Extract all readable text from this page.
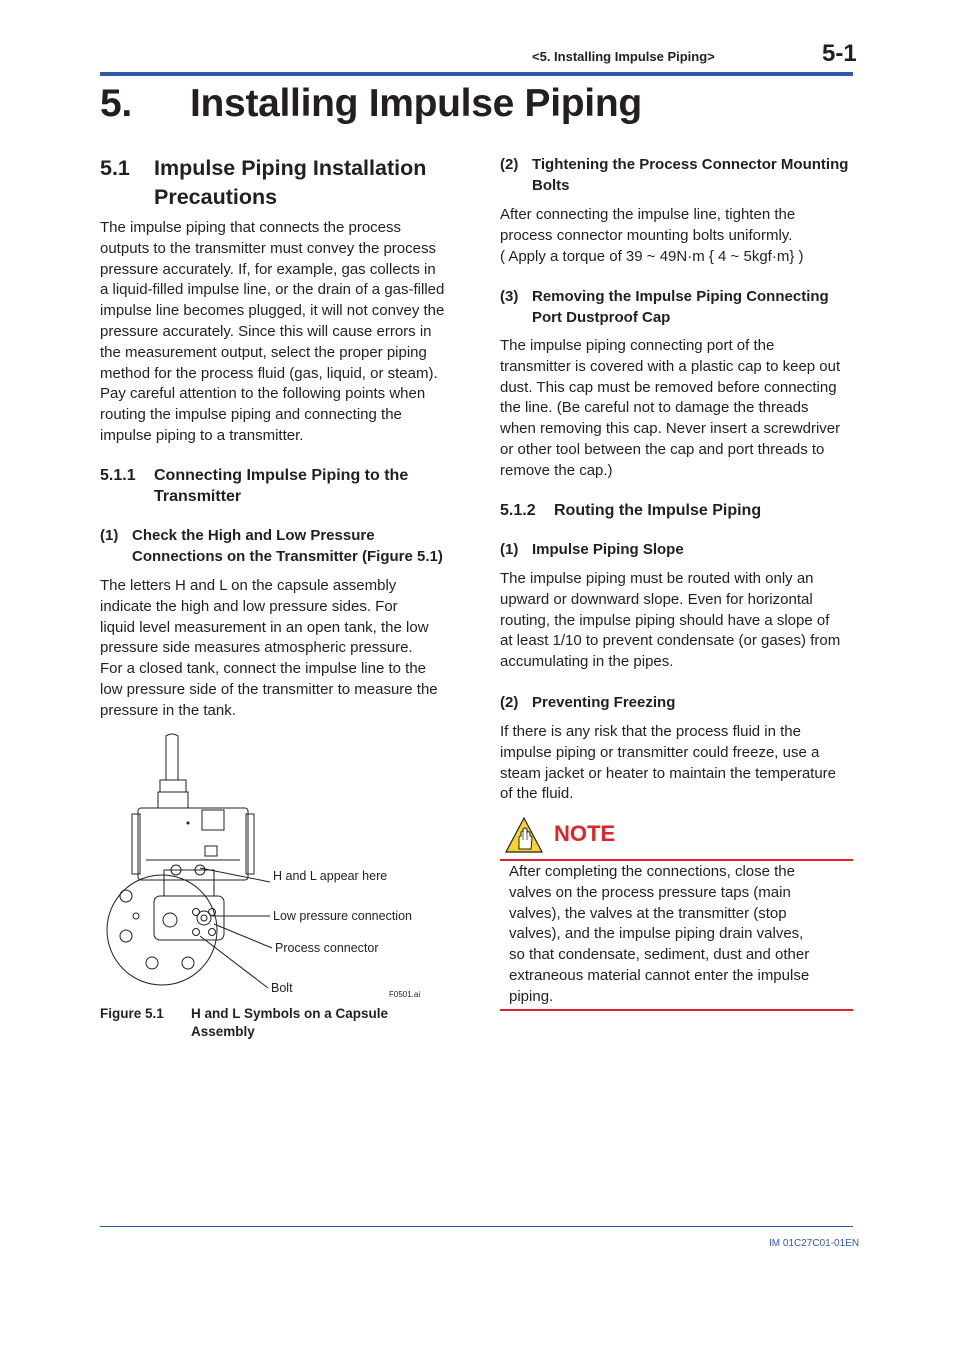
<5. Installing Impulse Piping>	5-1
5. Installing Impulse Piping
5.1 Impulse Piping Installation Precautions
The impulse piping that connects the process
outputs to the transmitter must convey the process
pressure accurately. If, for example, gas collects in
a liquid-filled impulse line, or the drain of a gas-filled
impulse line becomes plugged, it will not convey the
pressure accurately. Since this will cause errors in
the measurement output, select the proper piping
method for the process fluid (gas, liquid, or steam).
Pay careful attention to the following points when
routing the impulse piping and connecting the
impulse piping to a transmitter.
5.1.1 Connecting Impulse Piping to the Transmitter
(1) Check the High and Low Pressure Connections on the Transmitter (Figure 5.1)
The letters H and L on the capsule assembly
indicate the high and low pressure sides. For
liquid level measurement in an open tank, the low
pressure side measures atmospheric pressure.
For a closed tank, connect the impulse line to the
low pressure side of the transmitter to measure the
pressure in the tank.
H and L appear here
Low pressure connection
Process connector
Bolt	F0501.ai
Figure 5.1 H and L Symbols on a Capsule Assembly
(2) Tightening the Process Connector Mounting Bolts
After connecting the impulse line, tighten the
process connector mounting bolts uniformly.
( Apply a torque of 39 ~ 49N·m { 4 ~ 5kgf·m} )
(3) Removing the Impulse Piping Connecting Port Dustproof Cap
The impulse piping connecting port of the
transmitter is covered with a plastic cap to keep out
dust. This cap must be removed before connecting
the line. (Be careful not to damage the threads
when removing this cap. Never insert a screwdriver
or other tool between the cap and port threads to
remove the cap.)
5.1.2 Routing the Impulse Piping
(1) Impulse Piping Slope
The impulse piping must be routed with only an
upward or downward slope. Even for horizontal
routing, the impulse piping should have a slope of
at least 1/10 to prevent condensate (or gases) from
accumulating in the pipes.
(2) Preventing Freezing
If there is any risk that the process fluid in the
impulse piping or transmitter could freeze, use a
steam jacket or heater to maintain the temperature
of the fluid.
NOTE
After completing the connections, close the
valves on the process pressure taps (main
valves), the valves at the transmitter (stop
valves), and the impulse piping drain valves,
so that condensate, sediment, dust and other
extraneous material cannot enter the impulse
piping.
IM 01C27C01-01EN
